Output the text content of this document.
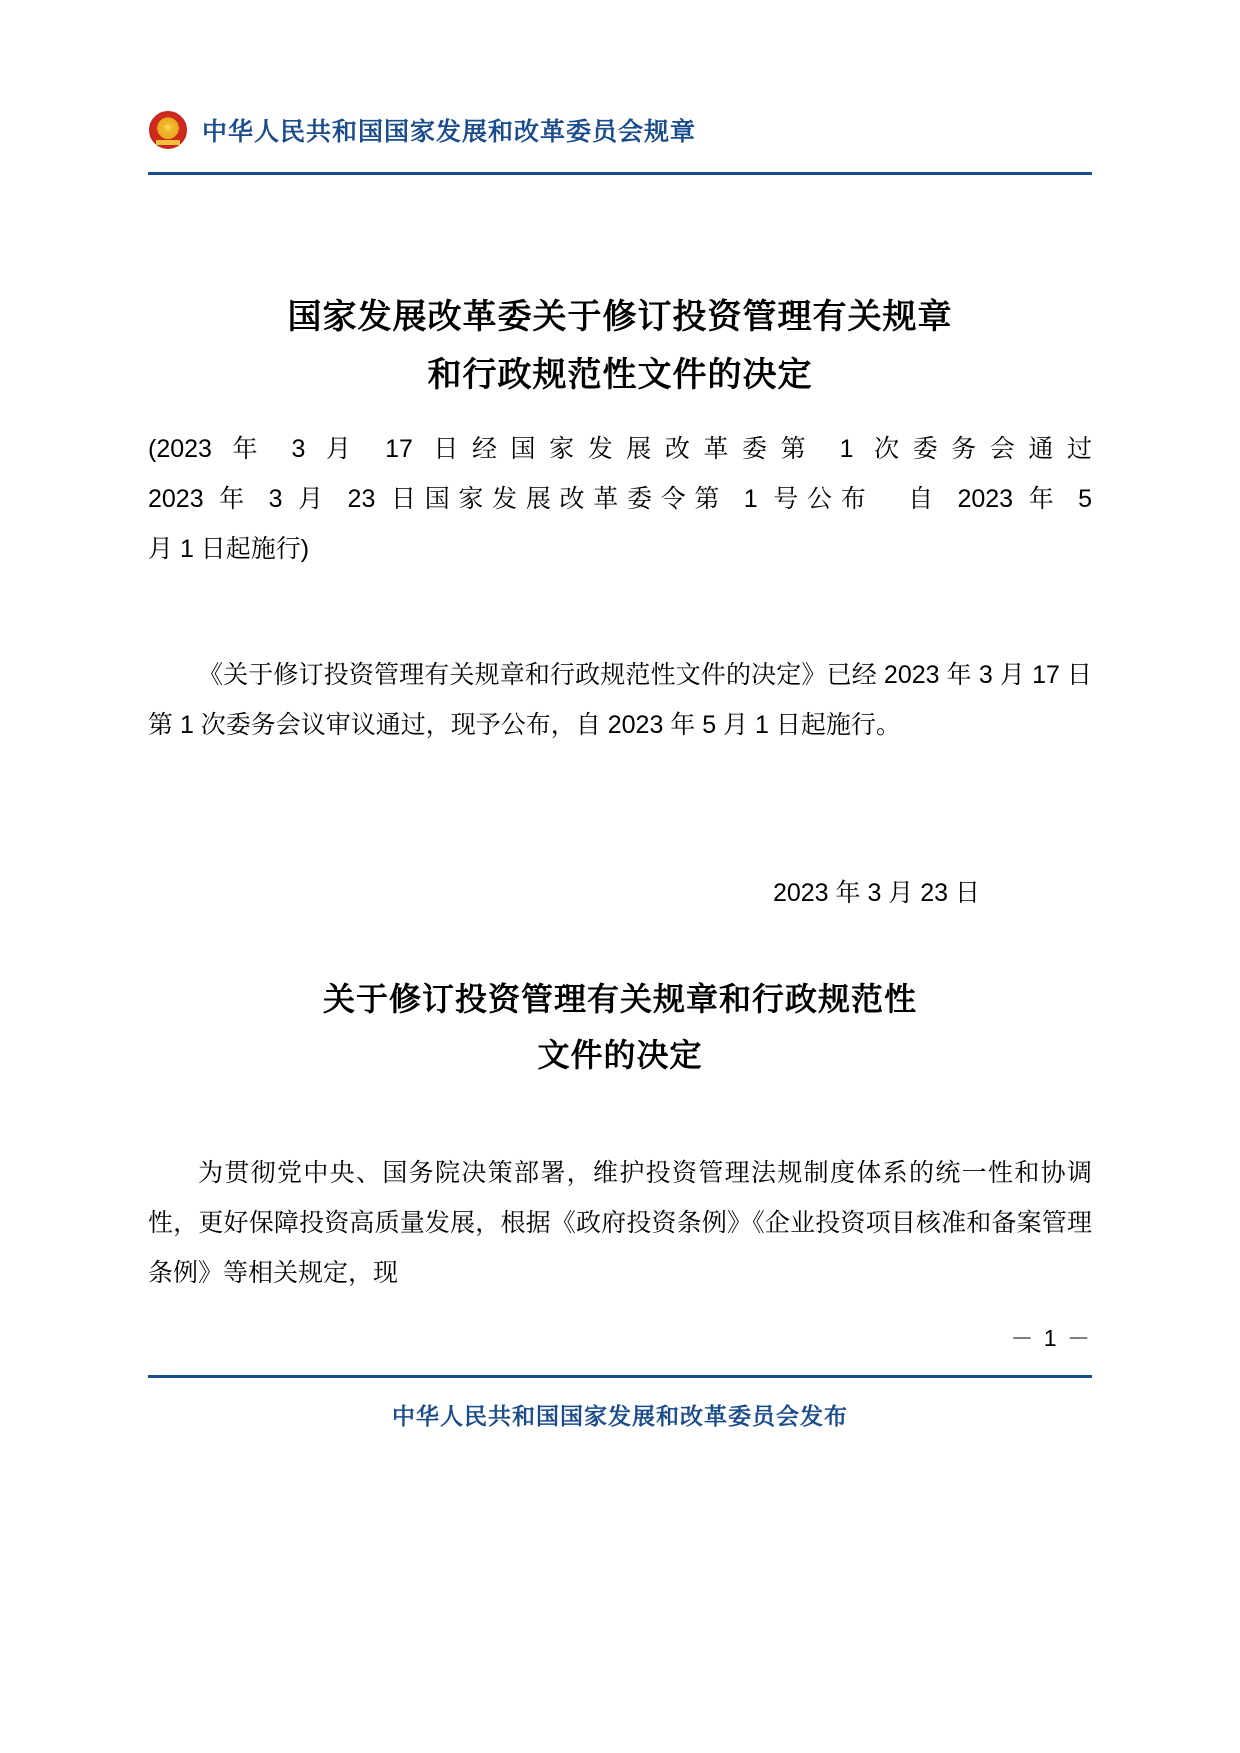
★ 中华人民共和国国家发展和改革委员会规章
国家发展改革委关于修订投资管理有关规章
和行政规范性文件的决定
(2023 年 3 月 17 日经国家发展改革委第 1 次委务会通过
2023 年 3 月 23 日国家发展改革委令第 1 号公布　自 2023 年 5
月 1 日起施行)
《关于修订投资管理有关规章和行政规范性文件的决定》已经 2023 年 3 月 17 日第 1 次委务会议审议通过，现予公布，自 2023 年 5 月 1 日起施行。
2023 年 3 月 23 日
关于修订投资管理有关规章和行政规范性
文件的决定
为贯彻党中央、国务院决策部署，维护投资管理法规制度体系的统一性和协调性，更好保障投资高质量发展，根据《政府投资条例》《企业投资项目核准和备案管理条例》等相关规定，现
－ 1 －
中华人民共和国国家发展和改革委员会发布
